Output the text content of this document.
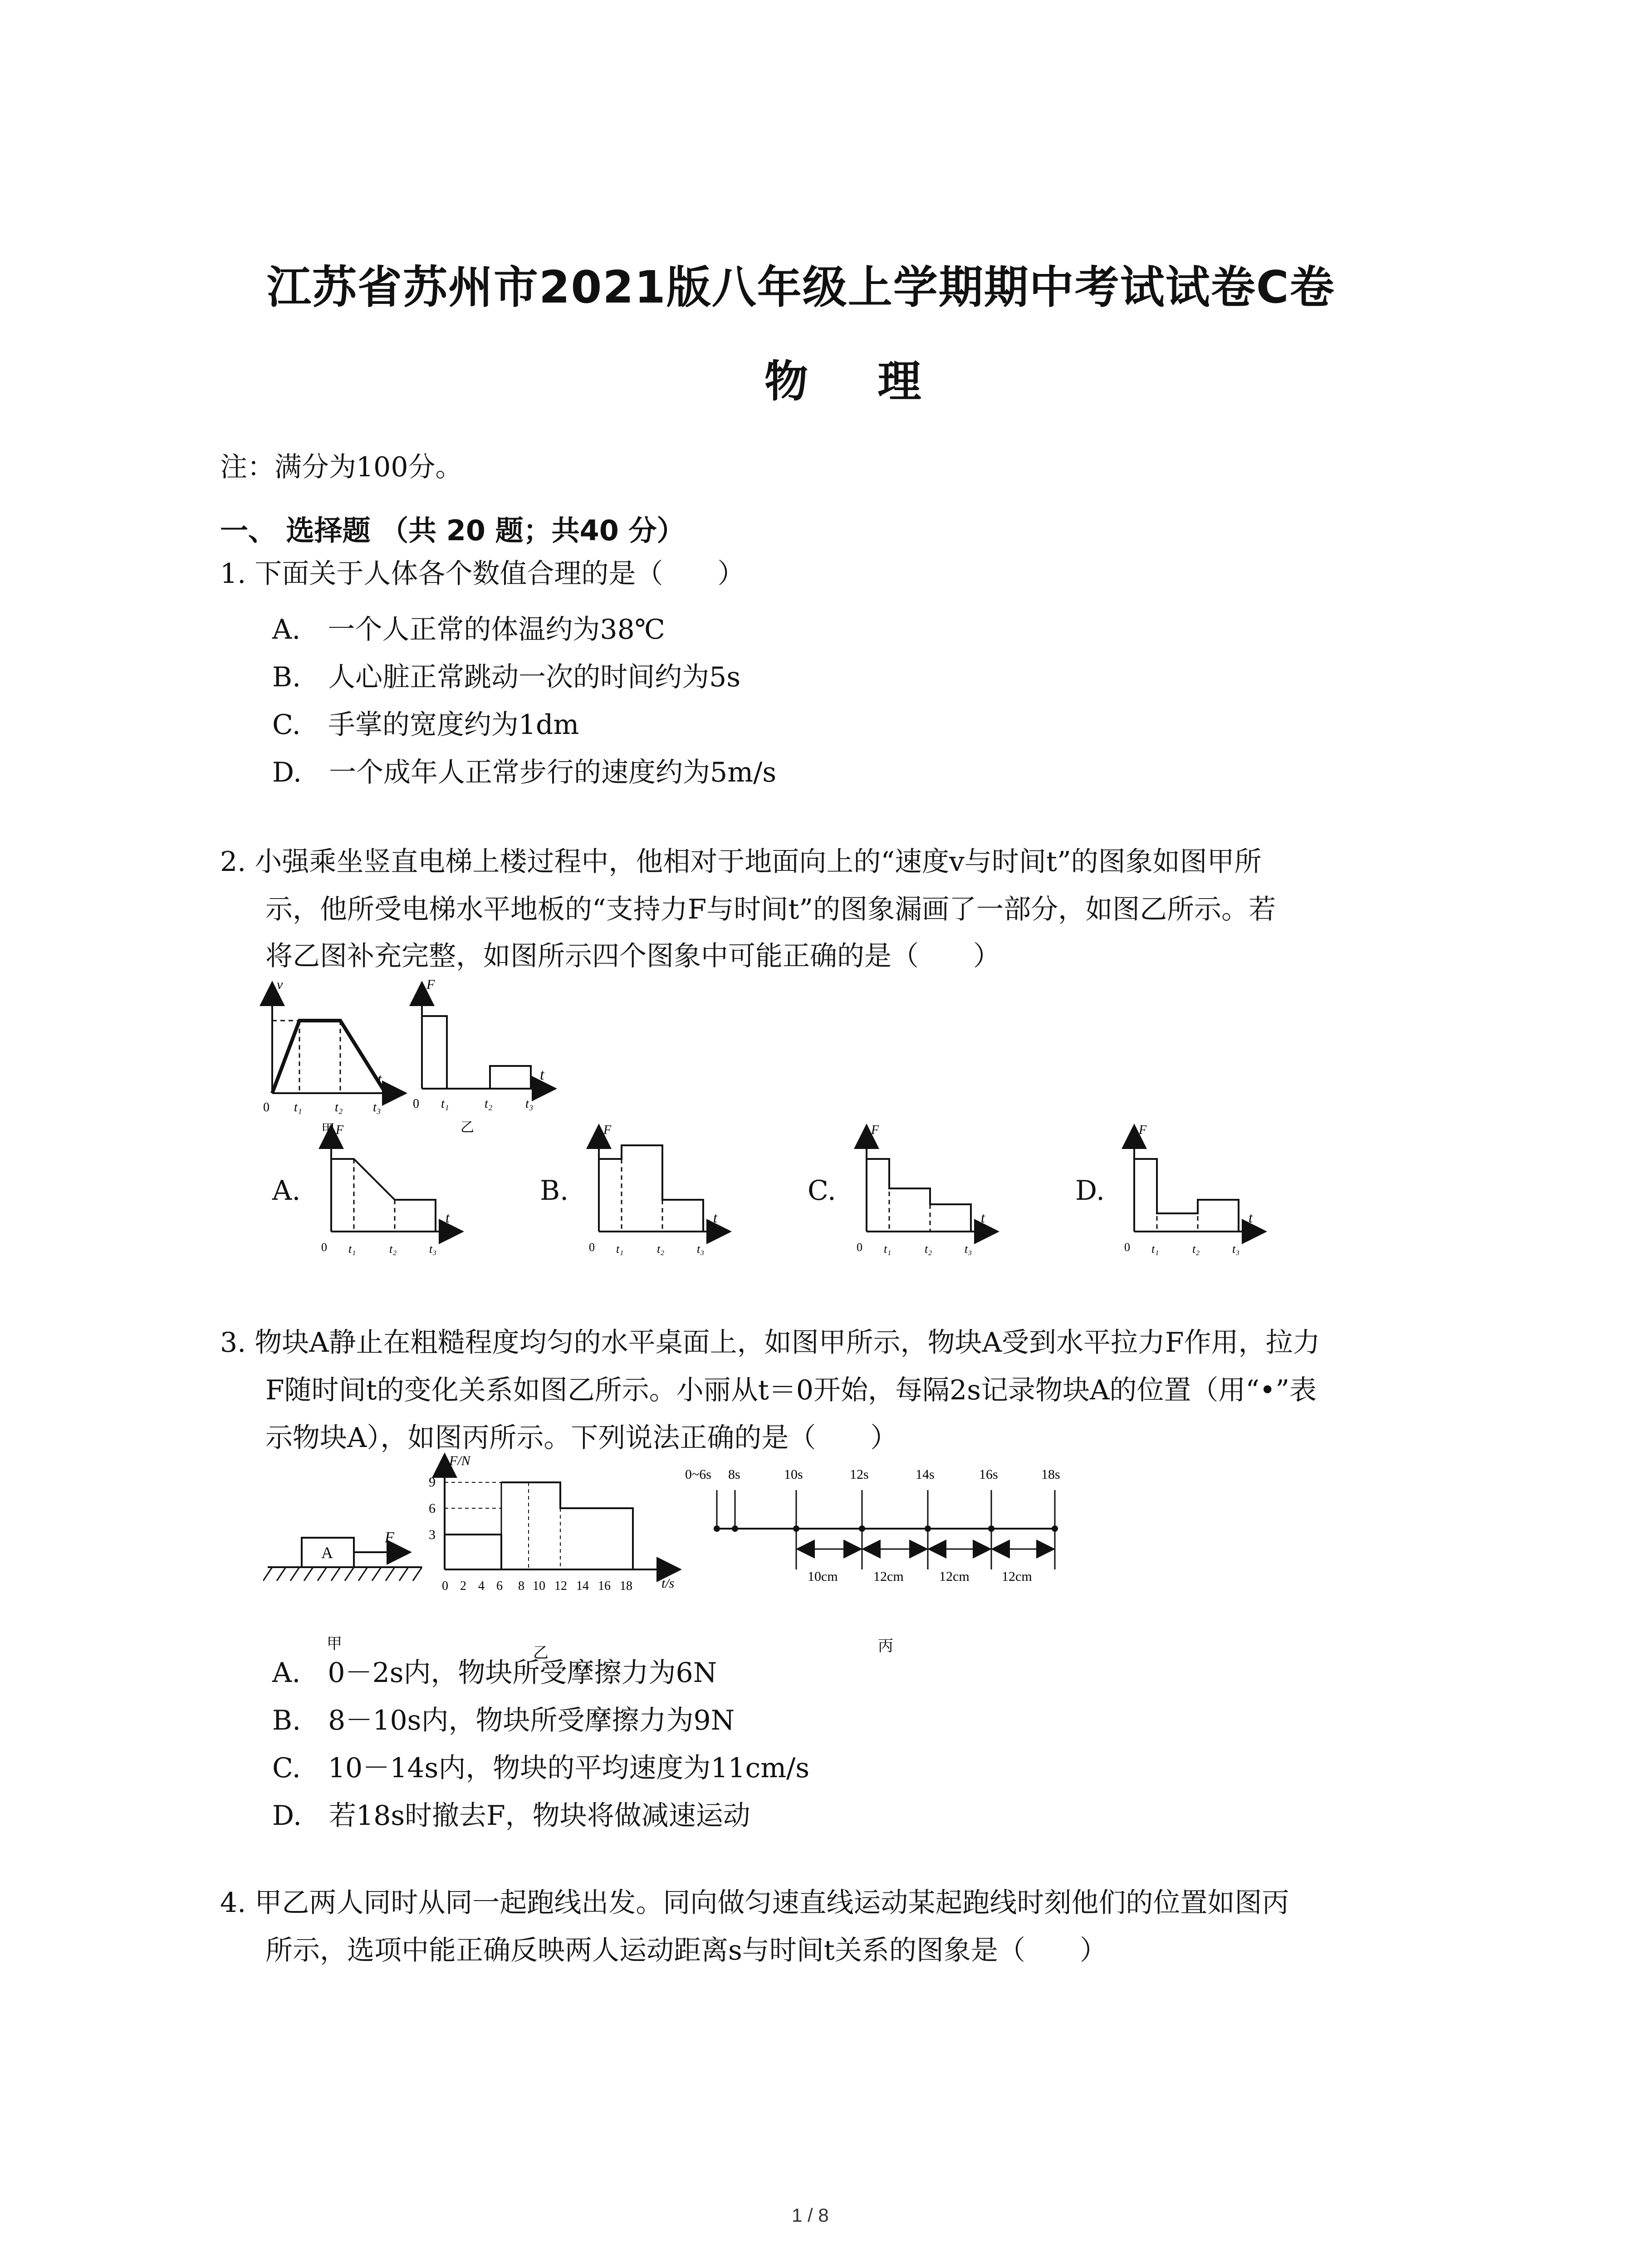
江苏省苏州市2021版八年级上学期期中考试试卷C卷
物 理
注：满分为100分。
一、 选择题 （共 20 题；共40 分）
1. 下面关于人体各个数值合理的是（　　）
A.　一个人正常的体温约为38℃
B.　人心脏正常跳动一次的时间约为5s
C.　手掌的宽度约为1dm
D.　一个成年人正常步行的速度约为5m/s
2. 小强乘坐竖直电梯上楼过程中，他相对于地面向上的“速度v与时间t”的图象如图甲所
示，他所受电梯水平地板的“支持力F与时间t”的图象漏画了一部分，如图乙所示。若
将乙图补充完整，如图所示四个图象中可能正确的是（　　）
v
t
0 t₁	t₂ t₃
甲
F
t
0 t₁	t₂	t₃
乙
A.	B.	C.	D.
F
t
0 t₁	t₂	t₃
F
t
0 t₁	t₂	t₃
F
t
0 t₁	t₂	t₃
F
t
0 t₁	t₂	t₃
3. 物块A静止在粗糙程度均匀的水平桌面上，如图甲所示，物块A受到水平拉力F作用，拉力
F随时间t的变化关系如图乙所示。小丽从t＝0开始，每隔2s记录物块A的位置（用“•”表
示物块A），如图丙所示。下列说法正确的是（　　）
A
F
甲
F/N
t/s
9
6
3
0 2 4 6 8 10 12 14 16 18
乙
0~6s 8s	10s	12s	14s	16s	18s
10cm	12cm	12cm 12cm
丙
A.　0－2s内，物块所受摩擦力为6N
B.　8－10s内，物块所受摩擦力为9N
C.　10－14s内，物块的平均速度为11cm/s
D.　若18s时撤去F，物块将做减速运动
4. 甲乙两人同时从同一起跑线出发。同向做匀速直线运动某起跑线时刻他们的位置如图丙
所示，选项中能正确反映两人运动距离s与时间t关系的图象是（　　）
1 / 8
